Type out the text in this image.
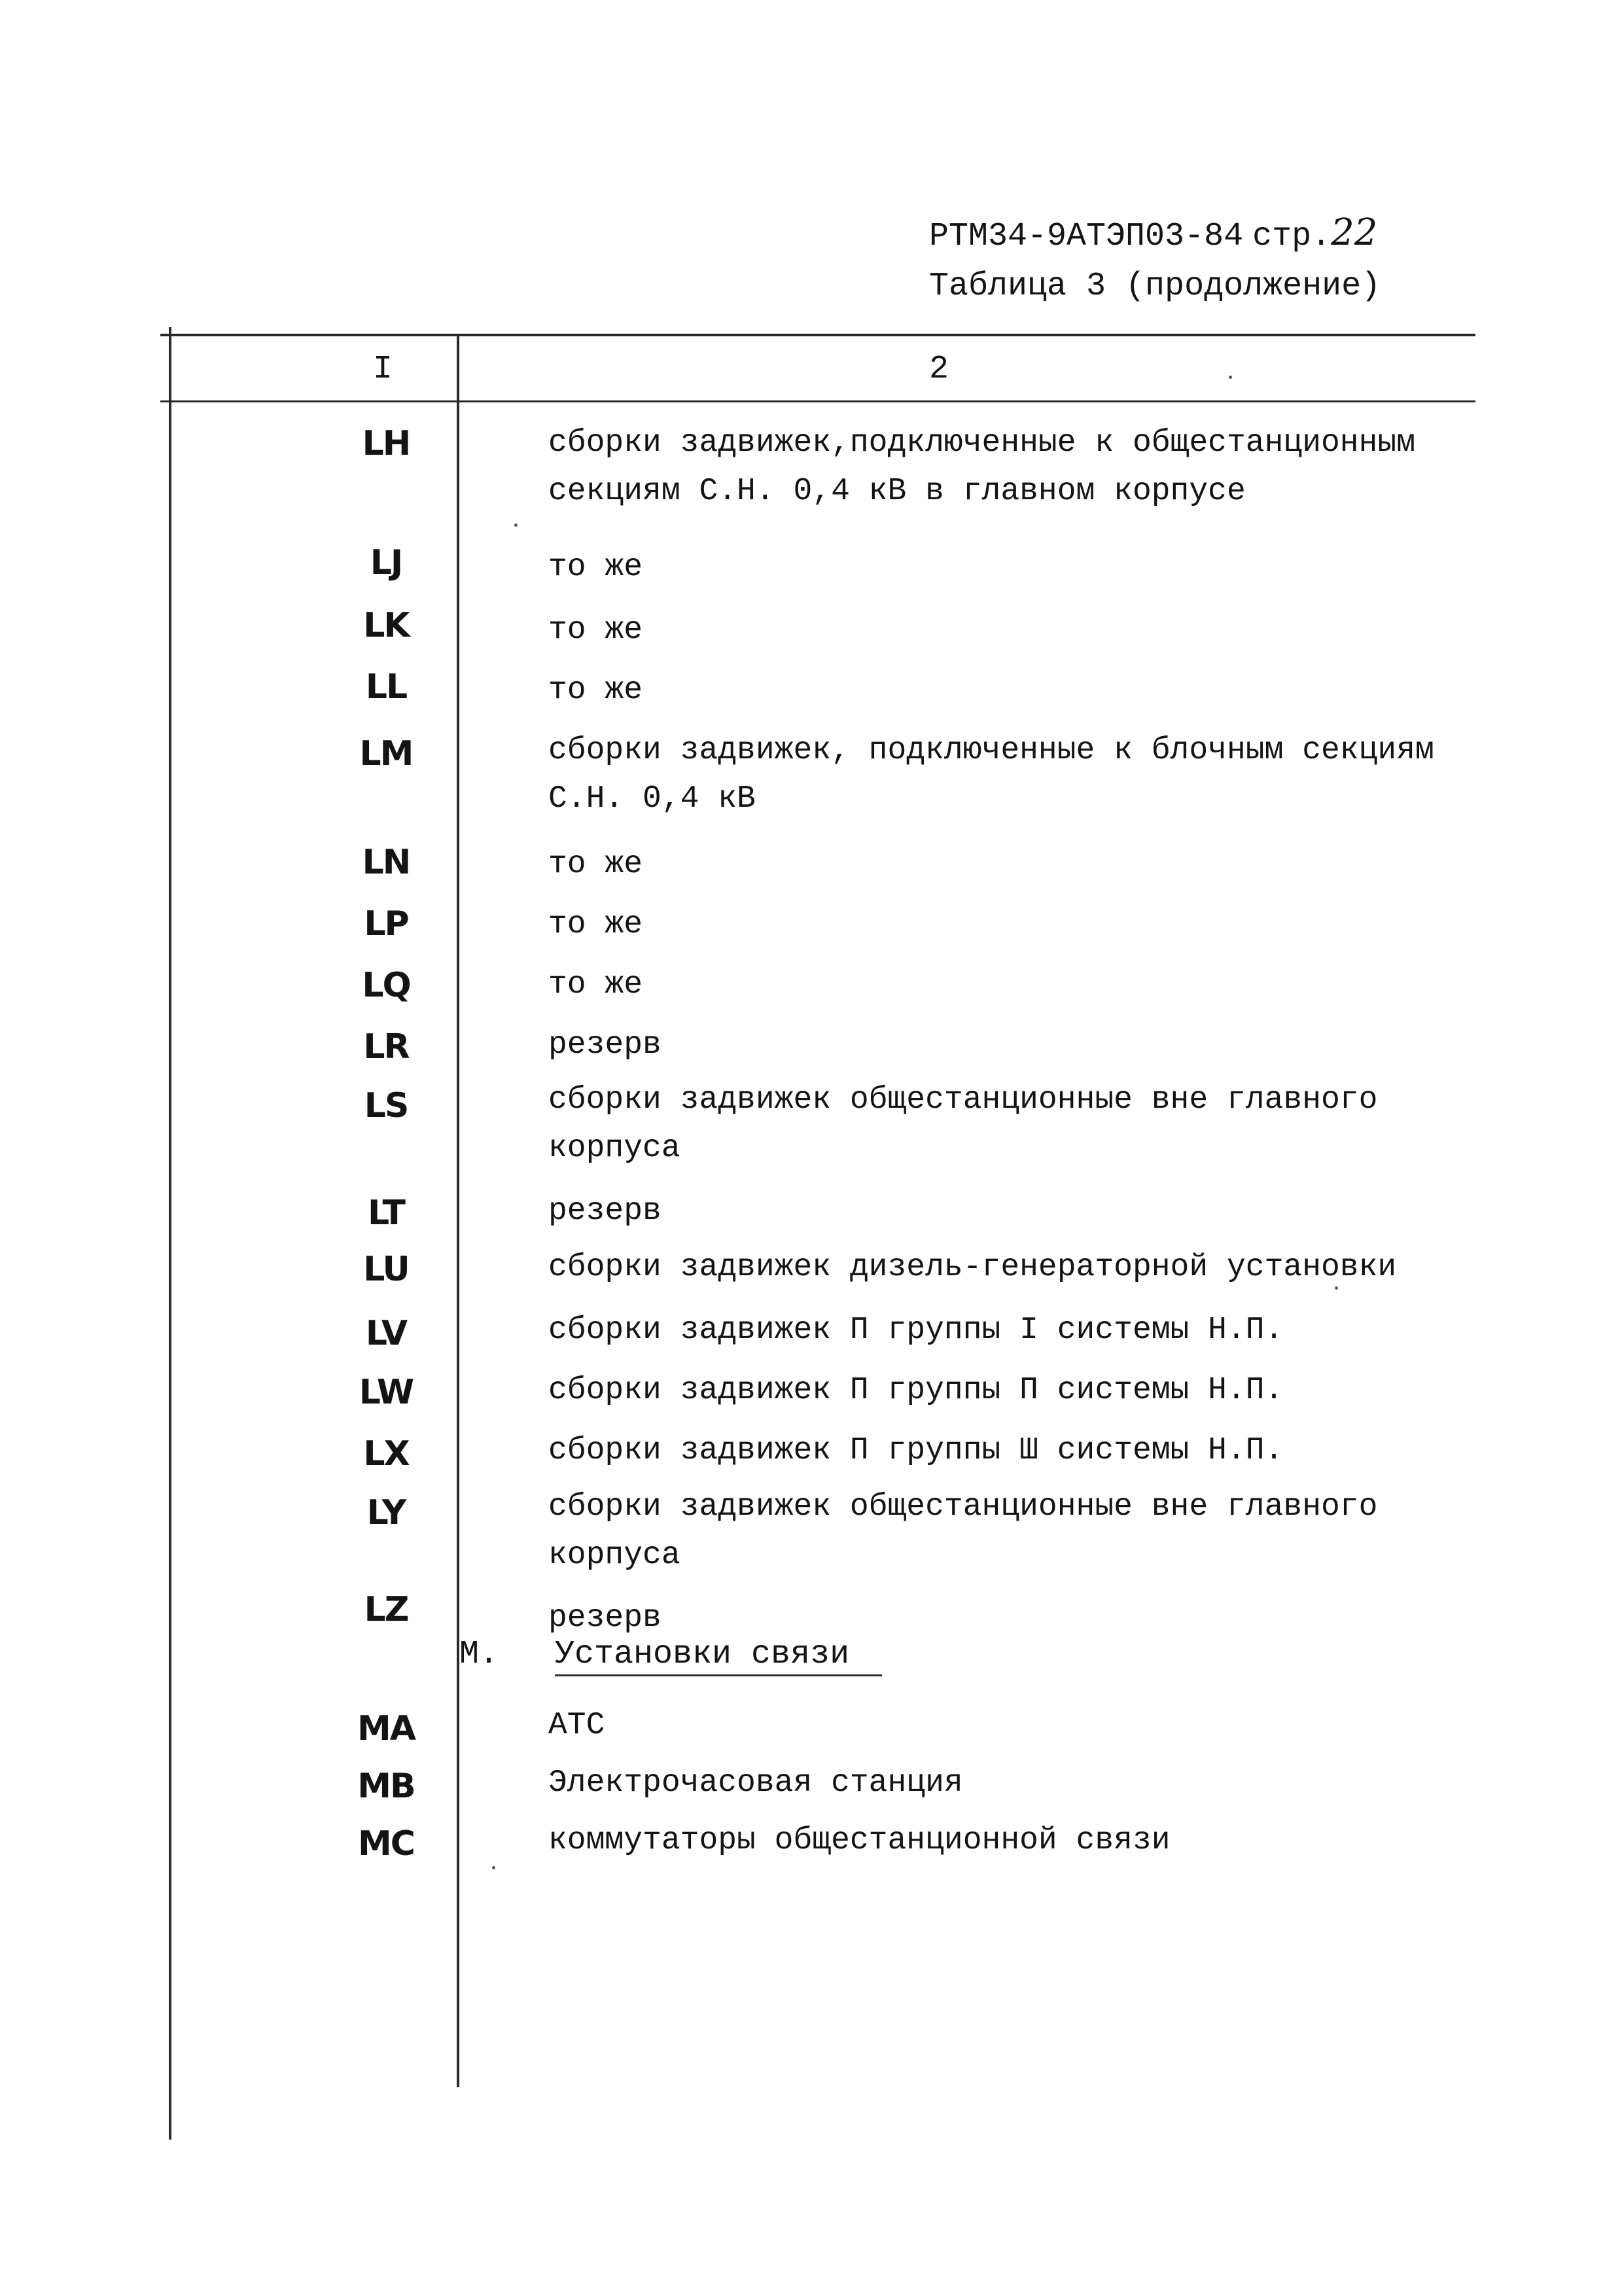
РТМ34-9АТЭП03-84 стр.22
Таблица 3 (продолжение)
I	2
LH	сборки задвижек,подключенные к общестанционным
секциям С.Н. 0,4 кВ в главном корпусе
LJ	то же
LK	то же
LL	то же
LM	сборки задвижек, подключенные к блочным секциям
С.Н. 0,4 кВ
LN	то же
LP	то же
LQ	то же
LR	резерв
LS	сборки задвижек общестанционные вне главного
корпуса
LT	резерв
LU	сборки задвижек дизель-генераторной установки
LV	сборки задвижек П группы I системы Н.П.
LW	сборки задвижек П группы П системы Н.П.
LX	сборки задвижек П группы Ш системы Н.П.
LY	сборки задвижек общестанционные вне главного
корпуса
LZ	резерв
М. Установки связи
МА	АТС
МВ	Электрочасовая станция
МС	коммутаторы общестанционной связи
